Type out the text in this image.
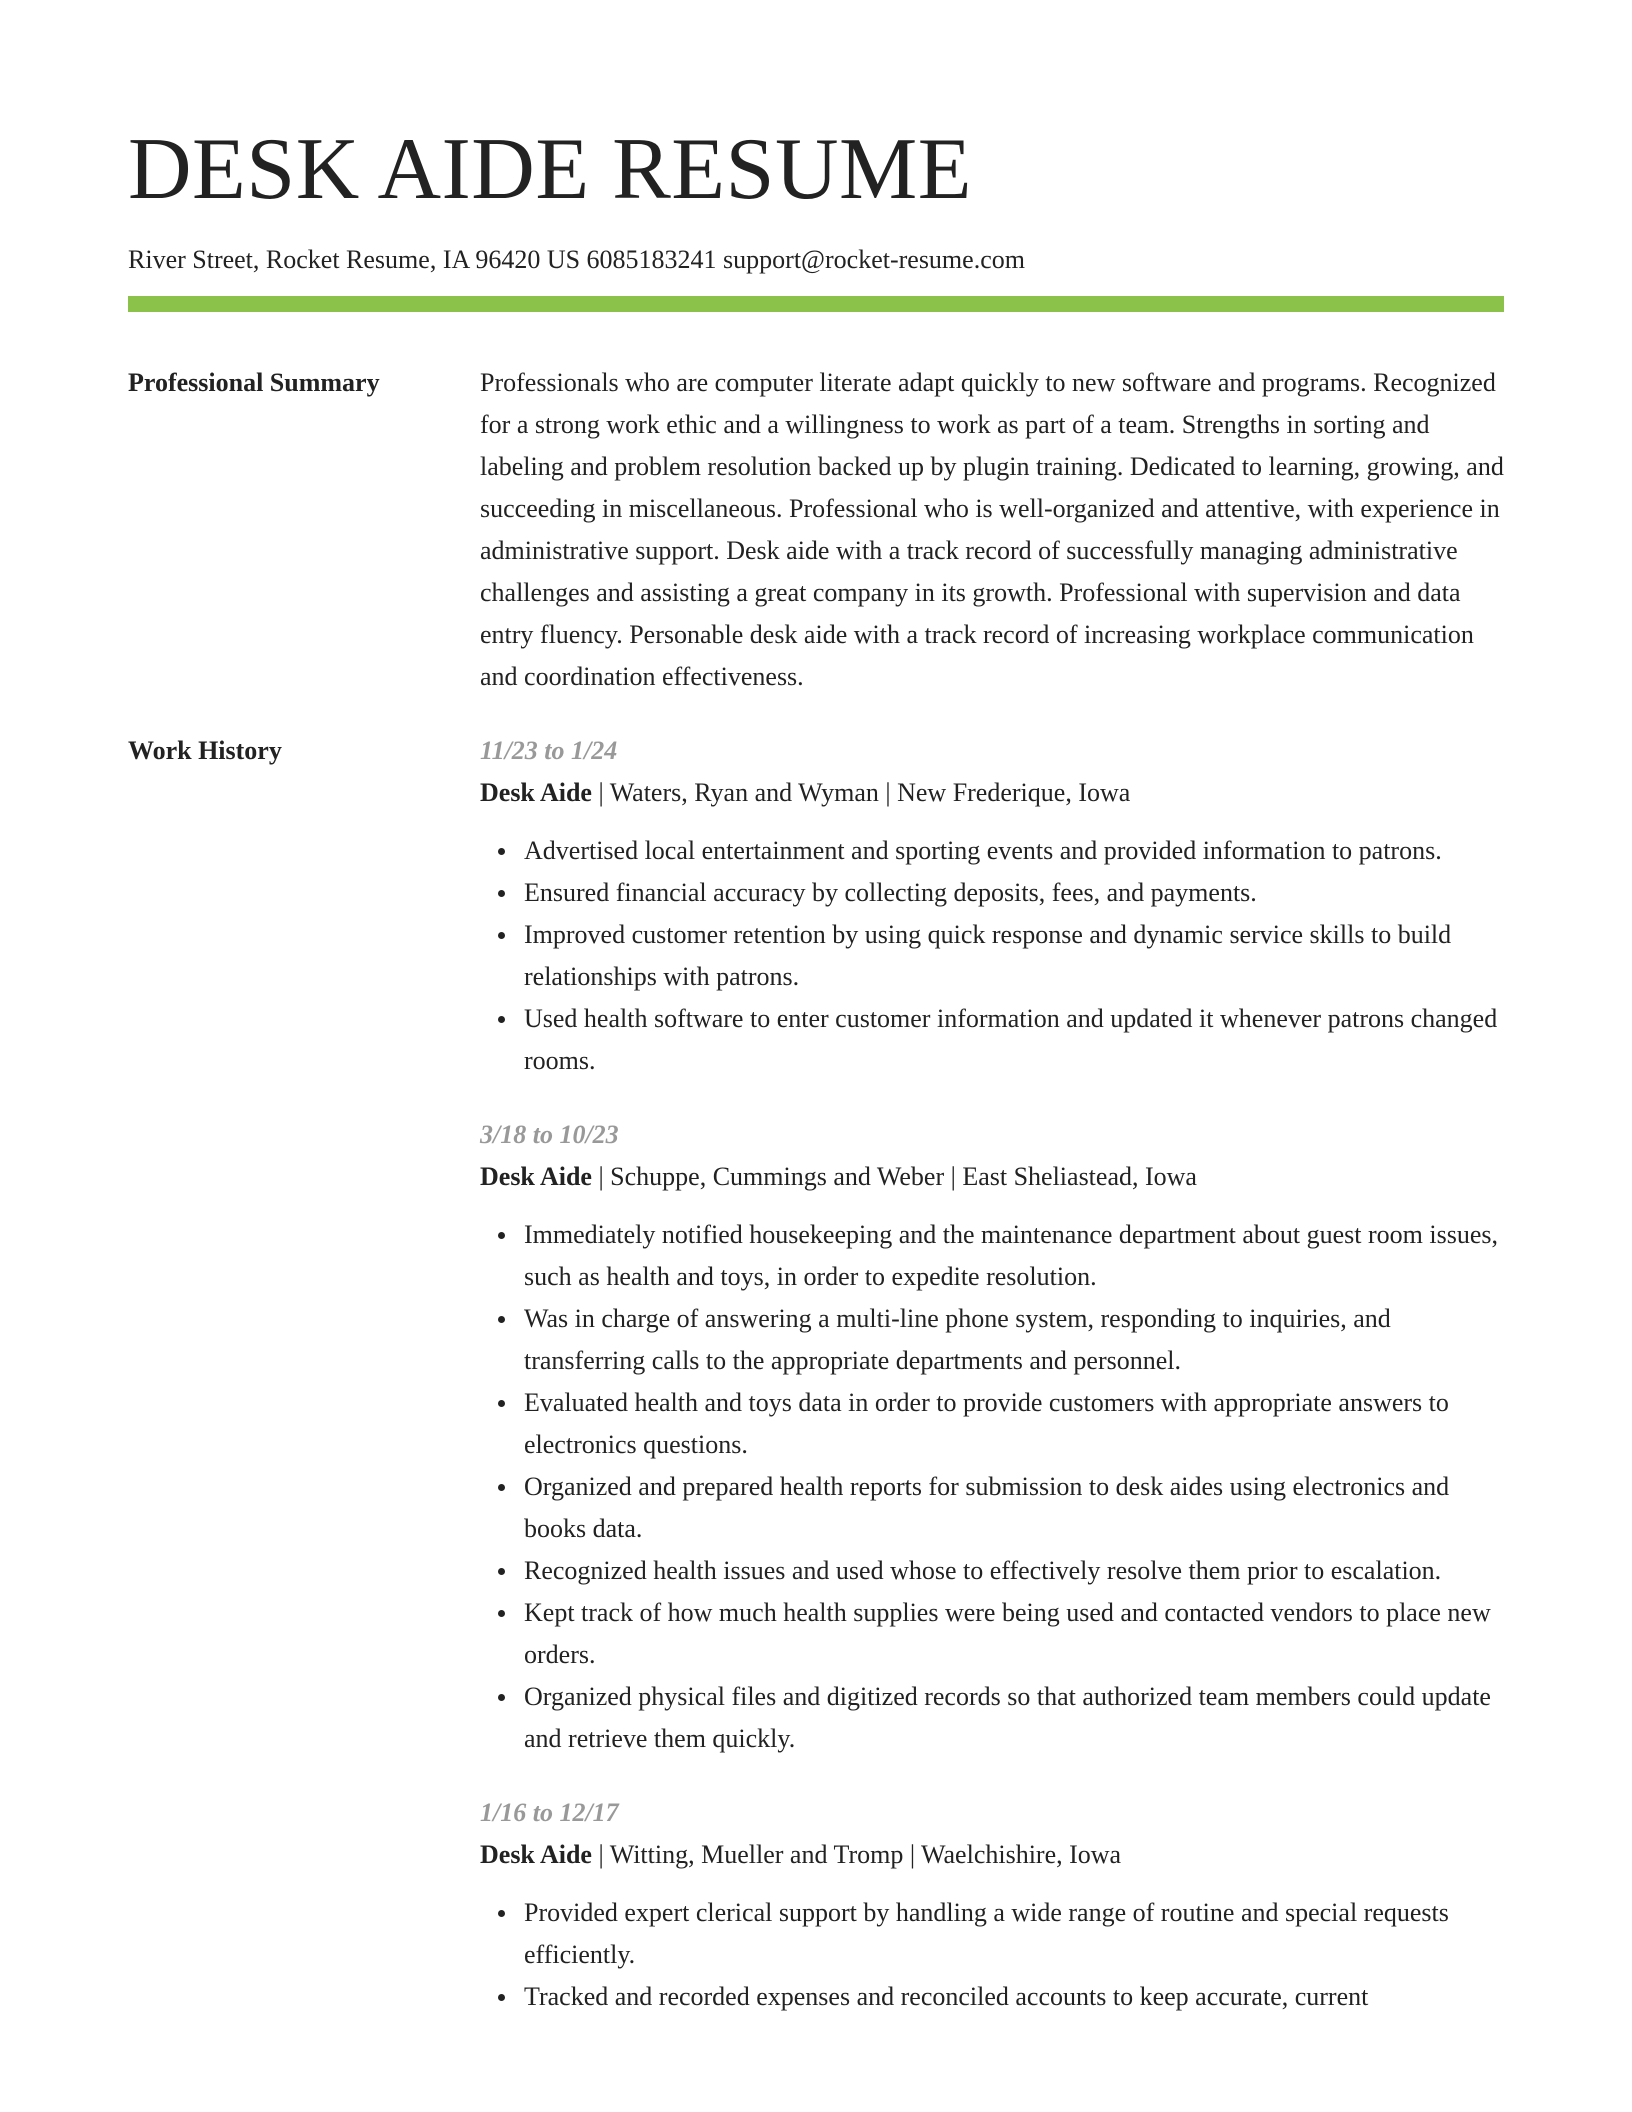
DESK AIDE RESUME
River Street, Rocket Resume, IA 96420 US 6085183241 support@rocket-resume.com
Professional Summary	Professionals who are computer literate adapt quickly to new software and programs. Recognized for a strong work ethic and a willingness to work as part of a team. Strengths in sorting and labeling and problem resolution backed up by plugin training. Dedicated to learning, growing, and succeeding in miscellaneous. Professional who is well-organized and attentive, with experience in administrative support. Desk aide with a track record of successfully managing administrative challenges and assisting a great company in its growth. Professional with supervision and data entry fluency. Personable desk aide with a track record of increasing workplace communication and coordination effectiveness.

Work History	11/23 to 1/24
Desk Aide | Waters, Ryan and Wyman | New Frederique, Iowa
Advertised local entertainment and sporting events and provided information to patrons.
Ensured financial accuracy by collecting deposits, fees, and payments.
Improved customer retention by using quick response and dynamic service skills to build relationships with patrons.
Used health software to enter customer information and updated it whenever patrons changed rooms.
3/18 to 10/23
Desk Aide | Schuppe, Cummings and Weber | East Sheliastead, Iowa
Immediately notified housekeeping and the maintenance department about guest room issues, such as health and toys, in order to expedite resolution.
Was in charge of answering a multi-line phone system, responding to inquiries, and transferring calls to the appropriate departments and personnel.
Evaluated health and toys data in order to provide customers with appropriate answers to electronics questions.
Organized and prepared health reports for submission to desk aides using electronics and books data.
Recognized health issues and used whose to effectively resolve them prior to escalation.
Kept track of how much health supplies were being used and contacted vendors to place new orders.
Organized physical files and digitized records so that authorized team members could update and retrieve them quickly.
1/16 to 12/17
Desk Aide | Witting, Mueller and Tromp | Waelchishire, Iowa
Provided expert clerical support by handling a wide range of routine and special requests efficiently.
Tracked and recorded expenses and reconciled accounts to keep accurate, current
